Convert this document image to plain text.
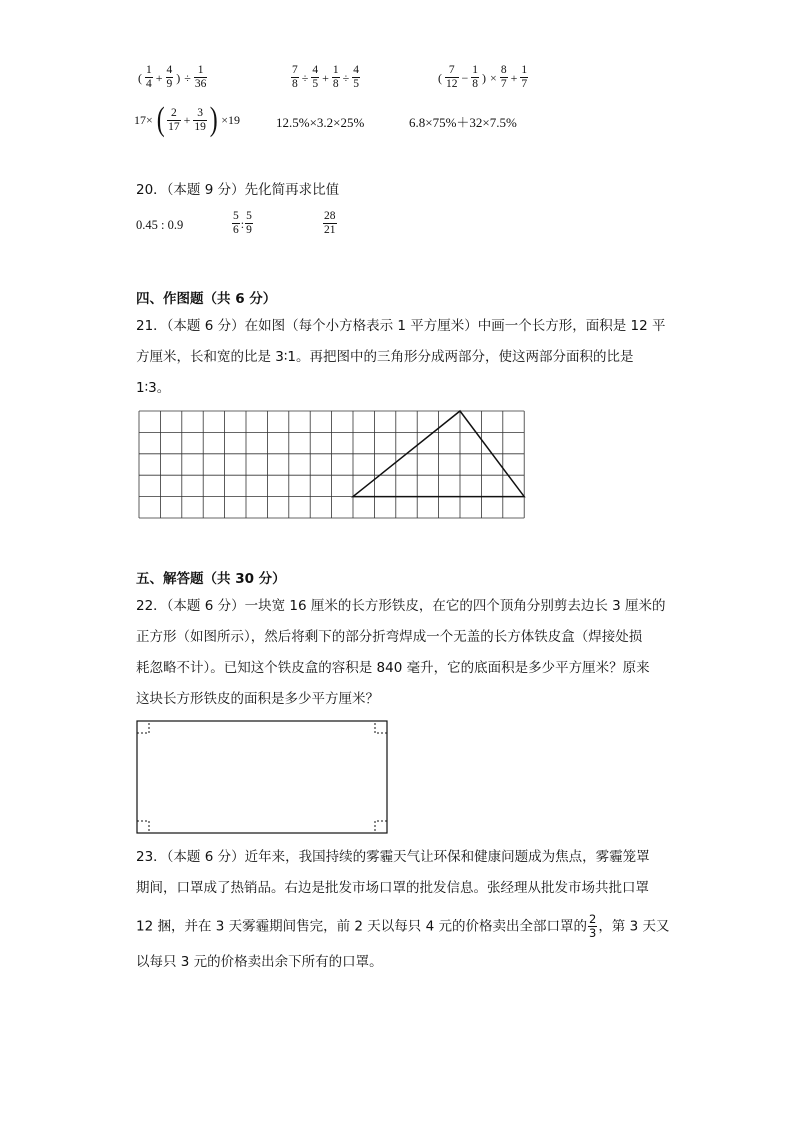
( $\frac{1}{4} + \frac{4}{9}$ ) ÷ $\frac{1}{36}$	$\frac{7}{8} \div \frac{4}{5} + \frac{1}{8} \div \frac{4}{5}$	( $\frac{7}{12} - \frac{1}{8}$ ) × $\frac{8}{7} + \frac{1}{7}$
17× ( $\frac{2}{17} + \frac{3}{19}$ ) ×19	12.5%×3.2×25%	6.8×75%＋32×7.5%
20．（本题 9 分）先化简再求比值
0.45 : 0.9	$\frac{5}{6}$ : $\frac{5}{9}$	$\frac{28}{21}$
四、作图题（共 6 分）
21．（本题 6 分）在如图（每个小方格表示 1 平方厘米）中画一个长方形，面积是 12 平
方厘米，长和宽的比是 3∶1。再把图中的三角形分成两部分，使这两部分面积的比是
1∶3。
五、解答题（共 30 分）
22．（本题 6 分）一块宽 16 厘米的长方形铁皮，在它的四个顶角分别剪去边长 3 厘米的
正方形（如图所示），然后将剩下的部分折弯焊成一个无盖的长方体铁皮盒（焊接处损
耗忽略不计）。已知这个铁皮盒的容积是 840 毫升，它的底面积是多少平方厘米？原来
这块长方形铁皮的面积是多少平方厘米？
23．（本题 6 分）近年来，我国持续的雾霾天气让环保和健康问题成为焦点，雾霾笼罩
期间，口罩成了热销品。右边是批发市场口罩的批发信息。张经理从批发市场共批口罩
12 捆，并在 3 天雾霾期间售完，前 2 天以每只 4 元的价格卖出全部口罩的 $\frac{2}{3}$ ，第 3 天又
以每只 3 元的价格卖出余下所有的口罩。
